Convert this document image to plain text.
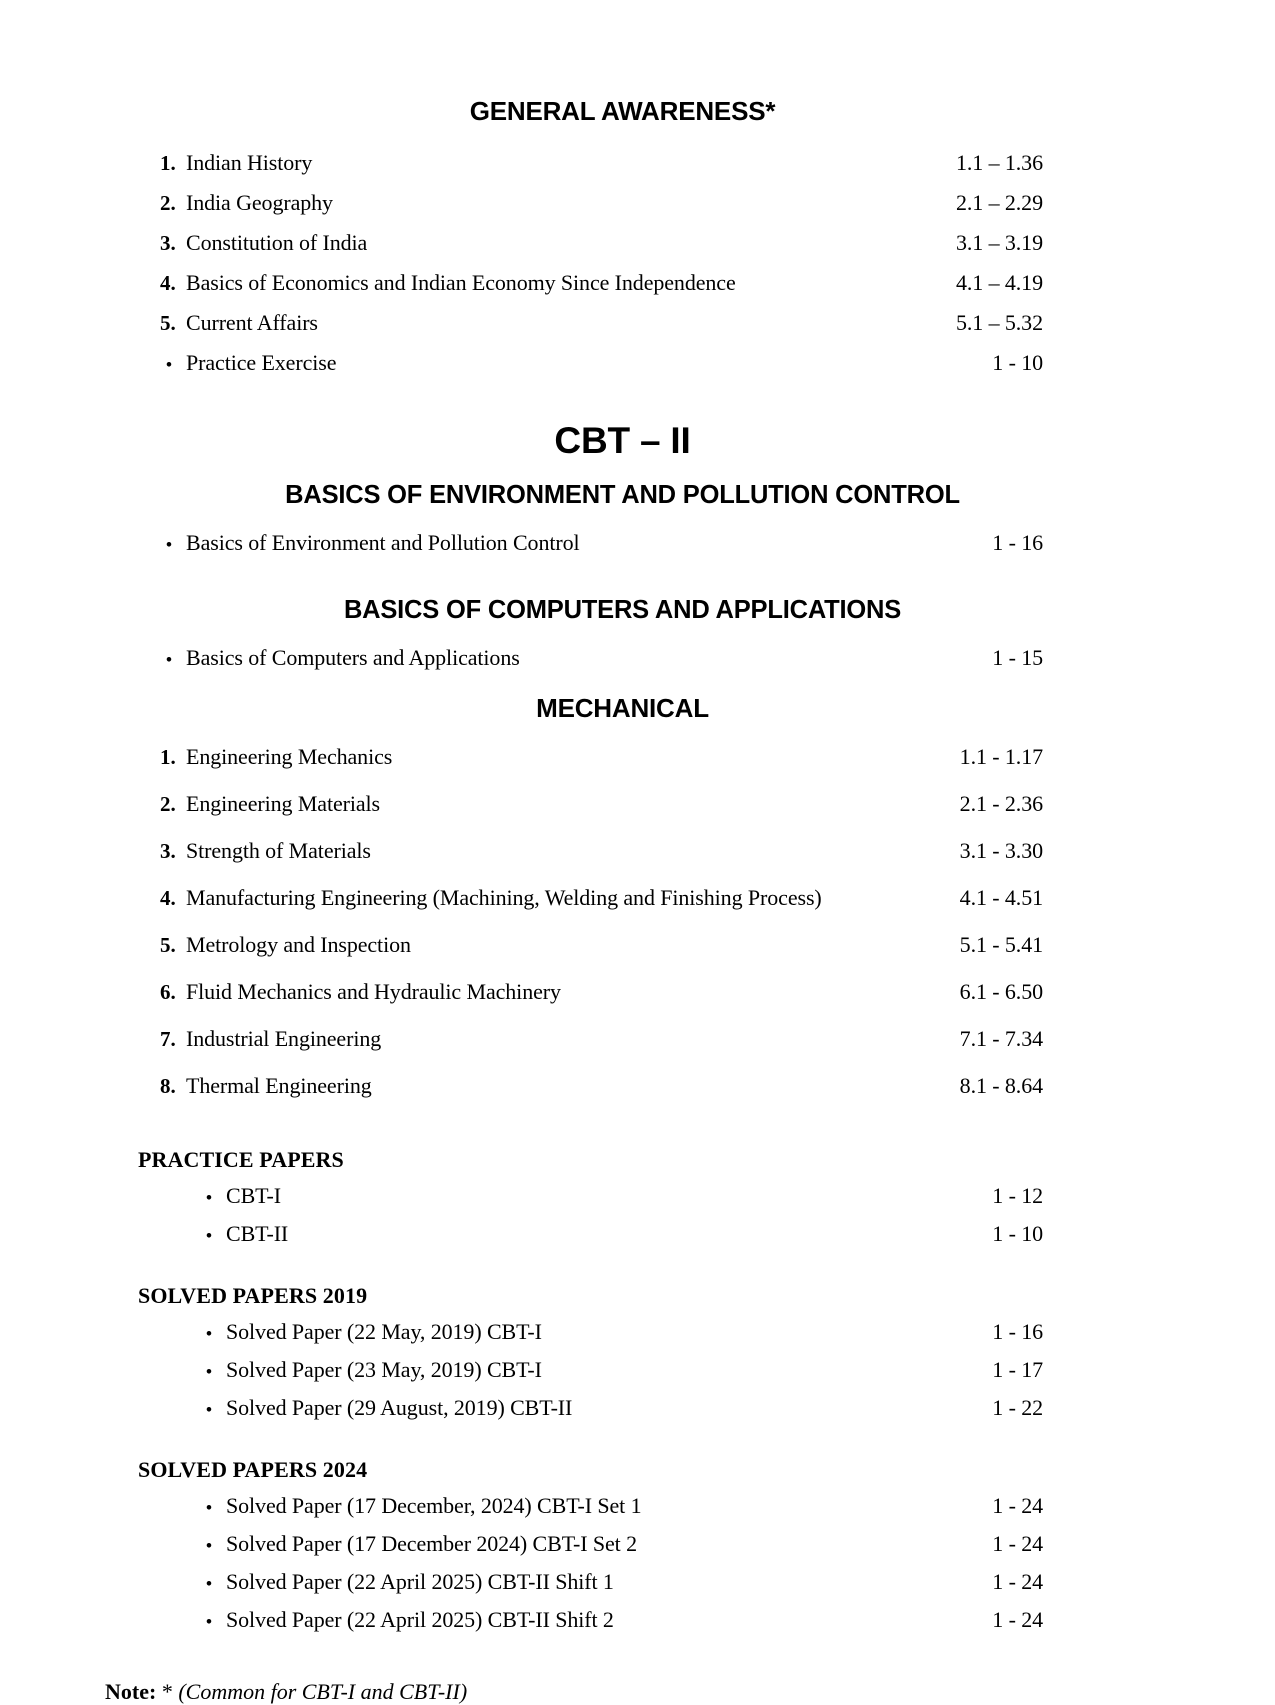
GENERAL AWARENESS*
1. Indian History	1.1 – 1.36
2. India Geography	2.1 – 2.29
3. Constitution of India	3.1 – 3.19
4. Basics of Economics and Indian Economy Since Independence	4.1 – 4.19
5. Current Affairs	5.1 – 5.32
• Practice Exercise	1 - 10
CBT – II
BASICS OF ENVIRONMENT AND POLLUTION CONTROL
• Basics of Environment and Pollution Control	1 - 16
BASICS OF COMPUTERS AND APPLICATIONS
• Basics of Computers and Applications	1 - 15
MECHANICAL
1. Engineering Mechanics	1.1 - 1.17
2. Engineering Materials	2.1 - 2.36
3. Strength of Materials	3.1 - 3.30
4. Manufacturing Engineering (Machining, Welding and Finishing Process)	4.1 - 4.51
5. Metrology and Inspection	5.1 - 5.41
6. Fluid Mechanics and Hydraulic Machinery	6.1 - 6.50
7. Industrial Engineering	7.1 - 7.34
8. Thermal Engineering	8.1 - 8.64
PRACTICE PAPERS
• CBT-I	1 - 12
• CBT-II	1 - 10
SOLVED PAPERS 2019
• Solved Paper (22 May, 2019) CBT-I	1 - 16
• Solved Paper (23 May, 2019) CBT-I	1 - 17
• Solved Paper (29 August, 2019) CBT-II	1 - 22
SOLVED PAPERS 2024
• Solved Paper (17 December, 2024) CBT-I Set 1	1 - 24
• Solved Paper (17 December 2024) CBT-I Set 2	1 - 24
• Solved Paper (22 April 2025) CBT-II Shift 1	1 - 24
• Solved Paper (22 April 2025) CBT-II Shift 2	1 - 24
Note: * (Common for CBT-I and CBT-II)
